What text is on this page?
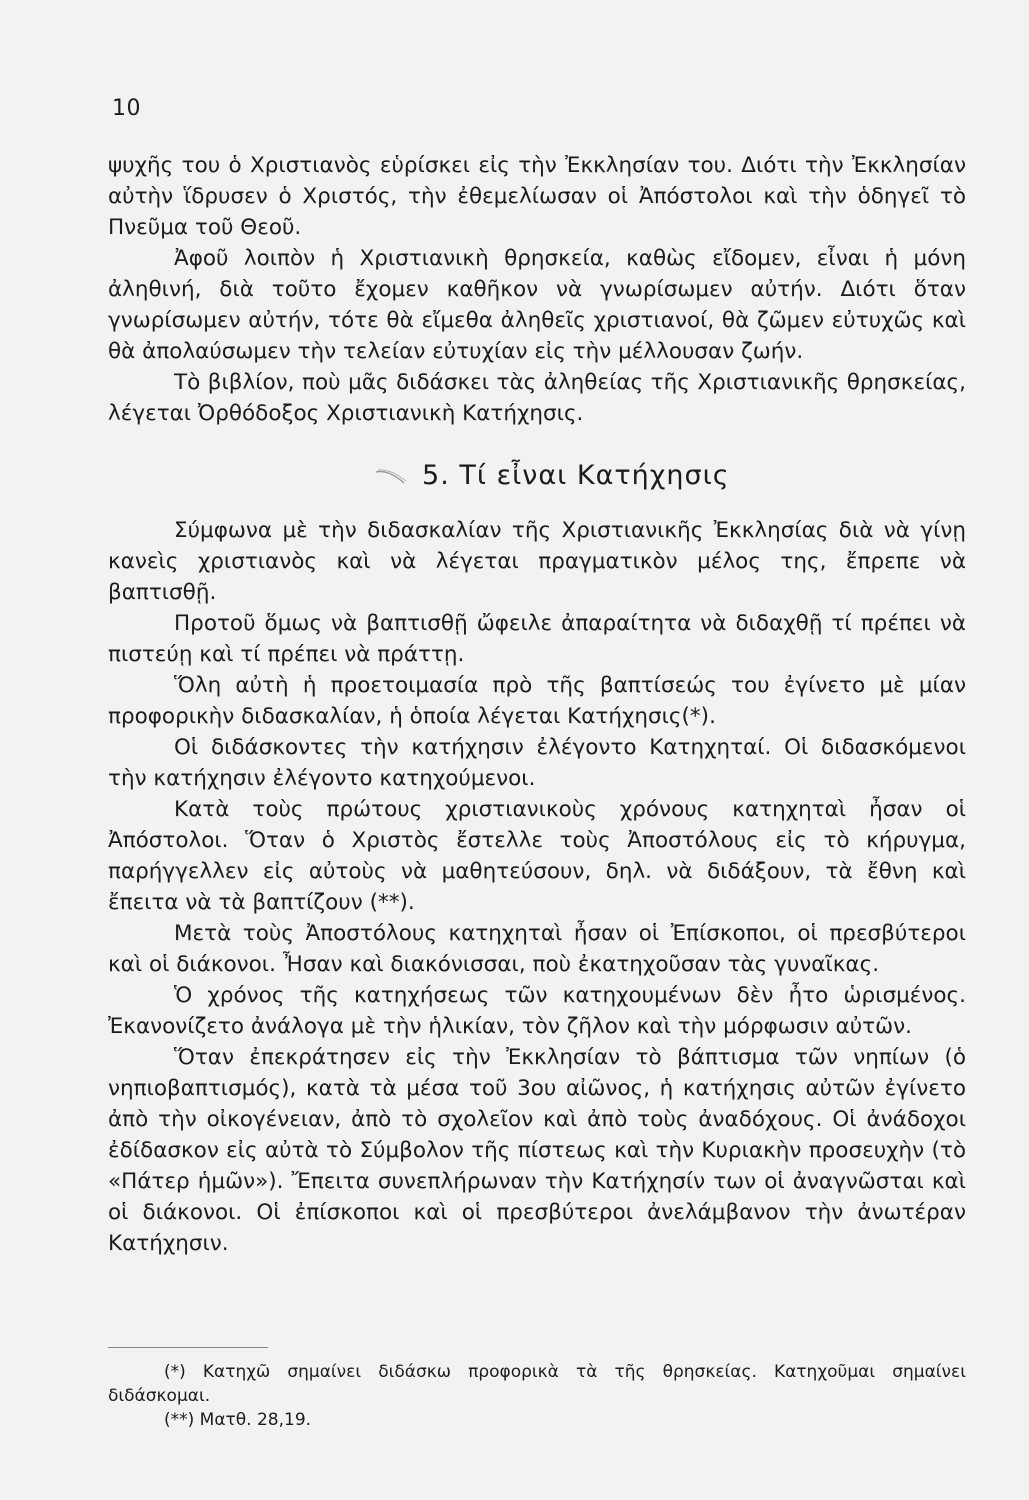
10

ψυχῆς του ὁ Χριστιανὸς εὑρίσκει εἰς τὴν Ἐκκλησίαν του. Διότι τὴν Ἐκκλησίαν αὐτὴν ἵδρυσεν ὁ Χριστός, τὴν ἐθεμελίωσαν οἱ Ἀπόστολοι καὶ τὴν ὁδηγεῖ τὸ Πνεῦμα τοῦ Θεοῦ.

Ἀφοῦ λοιπὸν ἡ Χριστιανικὴ θρησκεία, καθὼς εἴδομεν, εἶναι ἡ μόνη ἀληθινή, διὰ τοῦτο ἔχομεν καθῆκον νὰ γνωρίσωμεν αὐτήν. Διότι ὅταν γνωρίσωμεν αὐτήν, τότε θὰ εἴμεθα ἀληθεῖς χριστιανοί, θὰ ζῶμεν εὐτυχῶς καὶ θὰ ἀπολαύσωμεν τὴν τελείαν εὐτυχίαν εἰς τὴν μέλλουσαν ζωήν.

Τὸ βιβλίον, ποὺ μᾶς διδάσκει τὰς ἀληθείας τῆς Χριστιανικῆς θρησκείας, λέγεται Ὀρθόδοξος Χριστιανικὴ Κατήχησις.

5. Τί εἶναι Κατήχησις

Σύμφωνα μὲ τὴν διδασκαλίαν τῆς Χριστιανικῆς Ἐκκλησίας διὰ νὰ γίνῃ κανεὶς χριστιανὸς καὶ νὰ λέγεται πραγματικὸν μέλος της, ἔπρεπε νὰ βαπτισθῇ.

Προτοῦ ὅμως νὰ βαπτισθῇ ὤφειλε ἀπαραίτητα νὰ διδαχθῇ τί πρέπει νὰ πιστεύῃ καὶ τί πρέπει νὰ πράττῃ.

Ὅλη αὐτὴ ἡ προετοιμασία πρὸ τῆς βαπτίσεώς του ἐγίνετο μὲ μίαν προφορικὴν διδασκαλίαν, ἡ ὁποία λέγεται Κατήχησις(*).

Οἱ διδάσκοντες τὴν κατήχησιν ἐλέγοντο Κατηχηταί. Οἱ διδασκόμενοι τὴν κατήχησιν ἐλέγοντο κατηχούμενοι.

Κατὰ τοὺς πρώτους χριστιανικοὺς χρόνους κατηχηταὶ ἦσαν οἱ Ἀπόστολοι. Ὅταν ὁ Χριστὸς ἔστελλε τοὺς Ἀποστόλους εἰς τὸ κήρυγμα, παρήγγελλεν εἰς αὐτοὺς νὰ μαθητεύσουν, δηλ. νὰ διδάξουν, τὰ ἔθνη καὶ ἔπειτα νὰ τὰ βαπτίζουν (**).

Μετὰ τοὺς Ἀποστόλους κατηχηταὶ ἦσαν οἱ Ἐπίσκοποι, οἱ πρεσβύτεροι καὶ οἱ διάκονοι. Ἦσαν καὶ διακόνισσαι, ποὺ ἐκατηχοῦσαν τὰς γυναῖκας.

Ὁ χρόνος τῆς κατηχήσεως τῶν κατηχουμένων δὲν ἦτο ὡρισμένος. Ἐκανονίζετο ἀνάλογα μὲ τὴν ἡλικίαν, τὸν ζῆλον καὶ τὴν μόρφωσιν αὐτῶν.

Ὅταν ἐπεκράτησεν εἰς τὴν Ἐκκλησίαν τὸ βάπτισμα τῶν νηπίων (ὁ νηπιοβαπτισμός), κατὰ τὰ μέσα τοῦ 3ου αἰῶνος, ἡ κατήχησις αὐτῶν ἐγίνετο ἀπὸ τὴν οἰκογένειαν, ἀπὸ τὸ σχολεῖον καὶ ἀπὸ τοὺς ἀναδόχους. Οἱ ἀνάδοχοι ἐδίδασκον εἰς αὐτὰ τὸ Σύμβολον τῆς πίστεως καὶ τὴν Κυριακὴν προσευχὴν (τὸ «Πάτερ ἡμῶν»). Ἔπειτα συνεπλήρωναν τὴν Κατήχησίν των οἱ ἀναγνῶσται καὶ οἱ διάκονοι. Οἱ ἐπίσκοποι καὶ οἱ πρεσβύτεροι ἀνελάμβανον τὴν ἀνωτέραν Κατήχησιν.

(*) Κατηχῶ σημαίνει διδάσκω προφορικὰ τὰ τῆς θρησκείας. Κατηχοῦμαι σημαίνει διδάσκομαι.

(**) Ματθ. 28,19.
